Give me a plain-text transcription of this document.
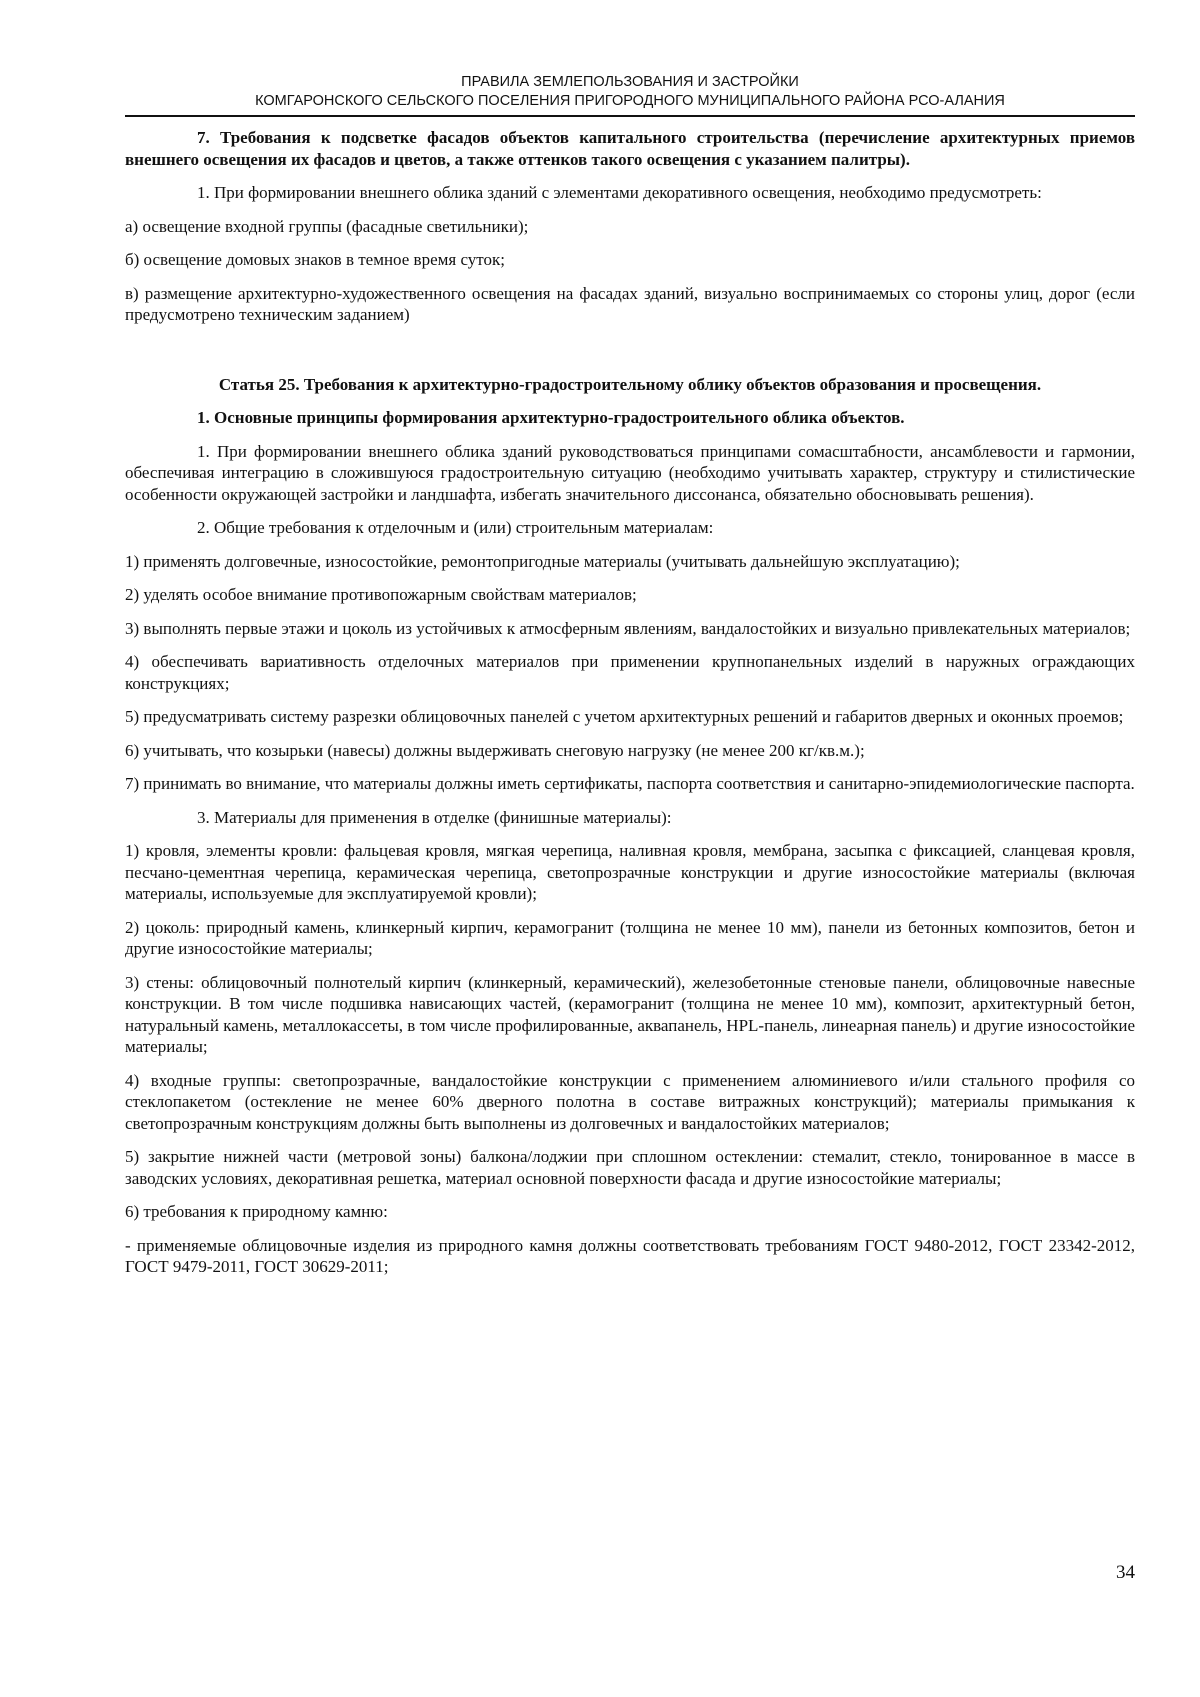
ПРАВИЛА ЗЕМЛЕПОЛЬЗОВАНИЯ И ЗАСТРОЙКИ
КОМГАРОНСКОГО СЕЛЬСКОГО ПОСЕЛЕНИЯ ПРИГОРОДНОГО МУНИЦИПАЛЬНОГО РАЙОНА РСО-АЛАНИЯ

7. Требования к подсветке фасадов объектов капитального строительства (перечисление архитектурных приемов внешнего освещения их фасадов и цветов, а также оттенков такого освещения с указанием палитры).

1. При формировании внешнего облика зданий с элементами декоративного освещения, необходимо предусмотреть:

а) освещение входной группы (фасадные светильники);

б) освещение домовых знаков в темное время суток;

в) размещение архитектурно-художественного освещения на фасадах зданий, визуально воспринимаемых со стороны улиц, дорог (если предусмотрено техническим заданием)

Статья 25. Требования к архитектурно-градостроительному облику объектов образования и просвещения.

1. Основные принципы формирования архитектурно-градостроительного облика объектов.

1. При формировании внешнего облика зданий руководствоваться принципами сомасштабности, ансамблевости и гармонии, обеспечивая интеграцию в сложившуюся градостроительную ситуацию (необходимо учитывать характер, структуру и стилистические особенности окружающей застройки и ландшафта, избегать значительного диссонанса, обязательно обосновывать решения).

2. Общие требования к отделочным и (или) строительным материалам:

1) применять долговечные, износостойкие, ремонтопригодные материалы (учитывать дальнейшую эксплуатацию);

2) уделять особое внимание противопожарным свойствам материалов;

3) выполнять первые этажи и цоколь из устойчивых к атмосферным явлениям, вандалостойких и визуально привлекательных материалов;

4) обеспечивать вариативность отделочных материалов при применении крупнопанельных изделий в наружных ограждающих конструкциях;

5) предусматривать систему разрезки облицовочных панелей с учетом архитектурных решений и габаритов дверных и оконных проемов;

6) учитывать, что козырьки (навесы) должны выдерживать снеговую нагрузку (не менее 200 кг/кв.м.);

7) принимать во внимание, что материалы должны иметь сертификаты, паспорта соответствия и санитарно-эпидемиологические паспорта.

3. Материалы для применения в отделке (финишные материалы):

1) кровля, элементы кровли: фальцевая кровля, мягкая черепица, наливная кровля, мембрана, засыпка с фиксацией, сланцевая кровля, песчано-цементная черепица, керамическая черепица, светопрозрачные конструкции и другие износостойкие материалы (включая материалы, используемые для эксплуатируемой кровли);

2) цоколь: природный камень, клинкерный кирпич, керамогранит (толщина не менее 10 мм), панели из бетонных композитов, бетон и другие износостойкие материалы;

3) стены: облицовочный полнотелый кирпич (клинкерный, керамический), железобетонные стеновые панели, облицовочные навесные конструкции. В том числе подшивка нависающих частей, (керамогранит (толщина не менее 10 мм), композит, архитектурный бетон, натуральный камень, металлокассеты, в том числе профилированные, аквапанель, HPL-панель, линеарная панель) и другие износостойкие материалы;

4) входные группы: светопрозрачные, вандалостойкие конструкции с применением алюминиевого и/или стального профиля со стеклопакетом (остекление не менее 60% дверного полотна в составе витражных конструкций); материалы примыкания к светопрозрачным конструкциям должны быть выполнены из долговечных и вандалостойких материалов;

5) закрытие нижней части (метровой зоны) балкона/лоджии при сплошном остеклении: стемалит, стекло, тонированное в массе в заводских условиях, декоративная решетка, материал основной поверхности фасада и другие износостойкие материалы;

6) требования к природному камню:

- применяемые облицовочные изделия из природного камня должны соответствовать требованиям ГОСТ 9480-2012, ГОСТ 23342-2012, ГОСТ 9479-2011, ГОСТ 30629-2011;

34
